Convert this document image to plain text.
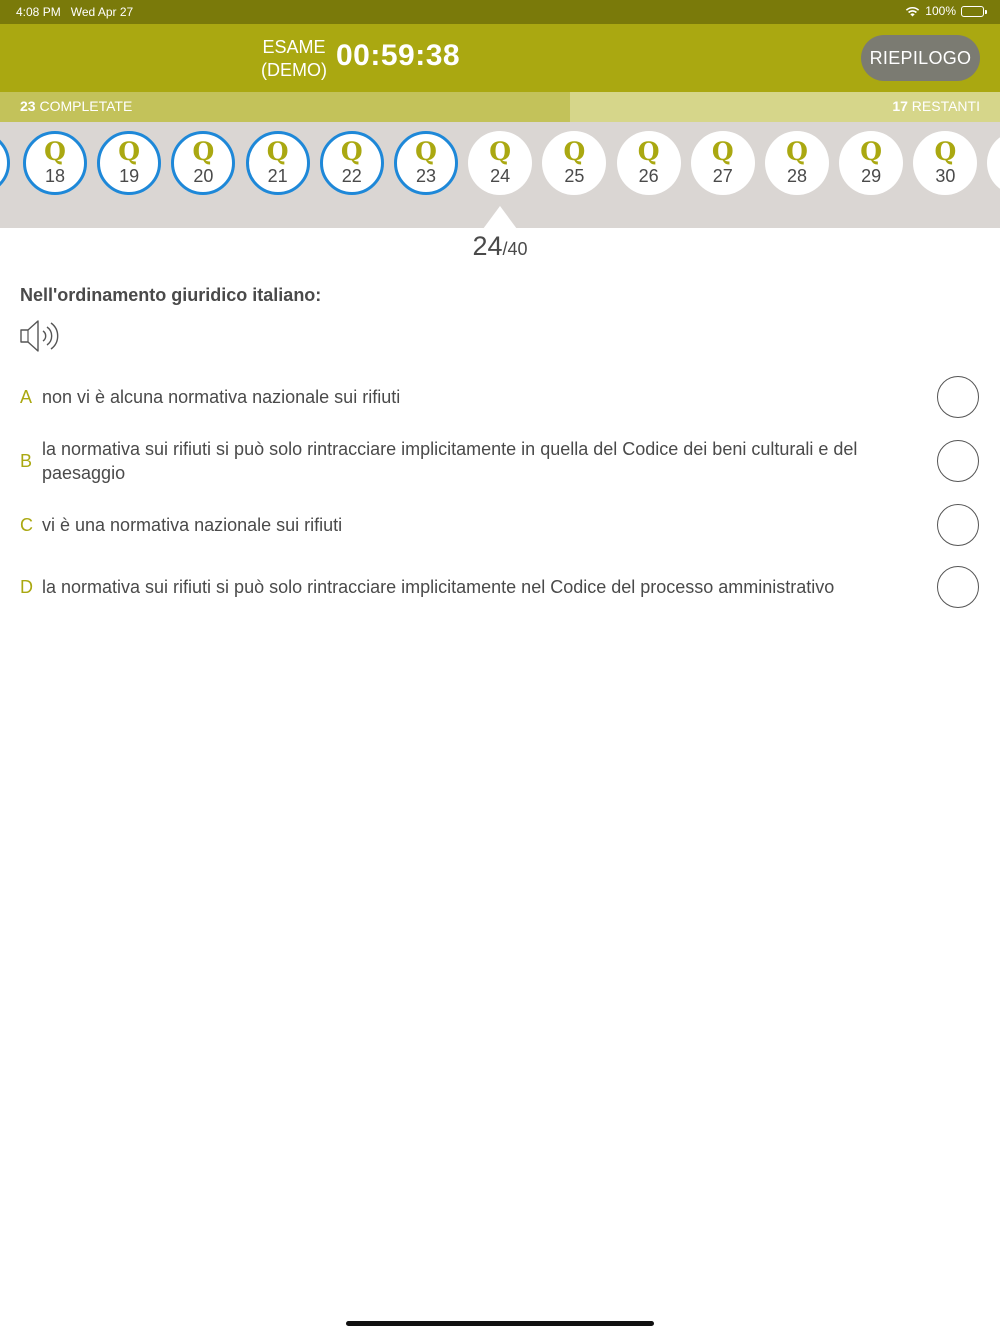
4:08 PM Wed Apr 27	100%
ESAME
(DEMO) 00:59:38	RIEPILOGO
23 COMPLETATE	17 RESTANTI
Q
18
Q
19
Q
20
Q
21
Q
22
Q
23
Q
24
Q
25
Q
26
Q
27
Q
28
Q
29
Q
30
24/40
Nell'ordinamento giuridico italiano:
A non vi è alcuna normativa nazionale sui rifiuti
B
la normativa sui rifiuti si può solo rintracciare implicitamente in quella del Codice dei beni culturali e del paesaggio
C vi è una normativa nazionale sui rifiuti
D la normativa sui rifiuti si può solo rintracciare implicitamente nel Codice del processo amministrativo
